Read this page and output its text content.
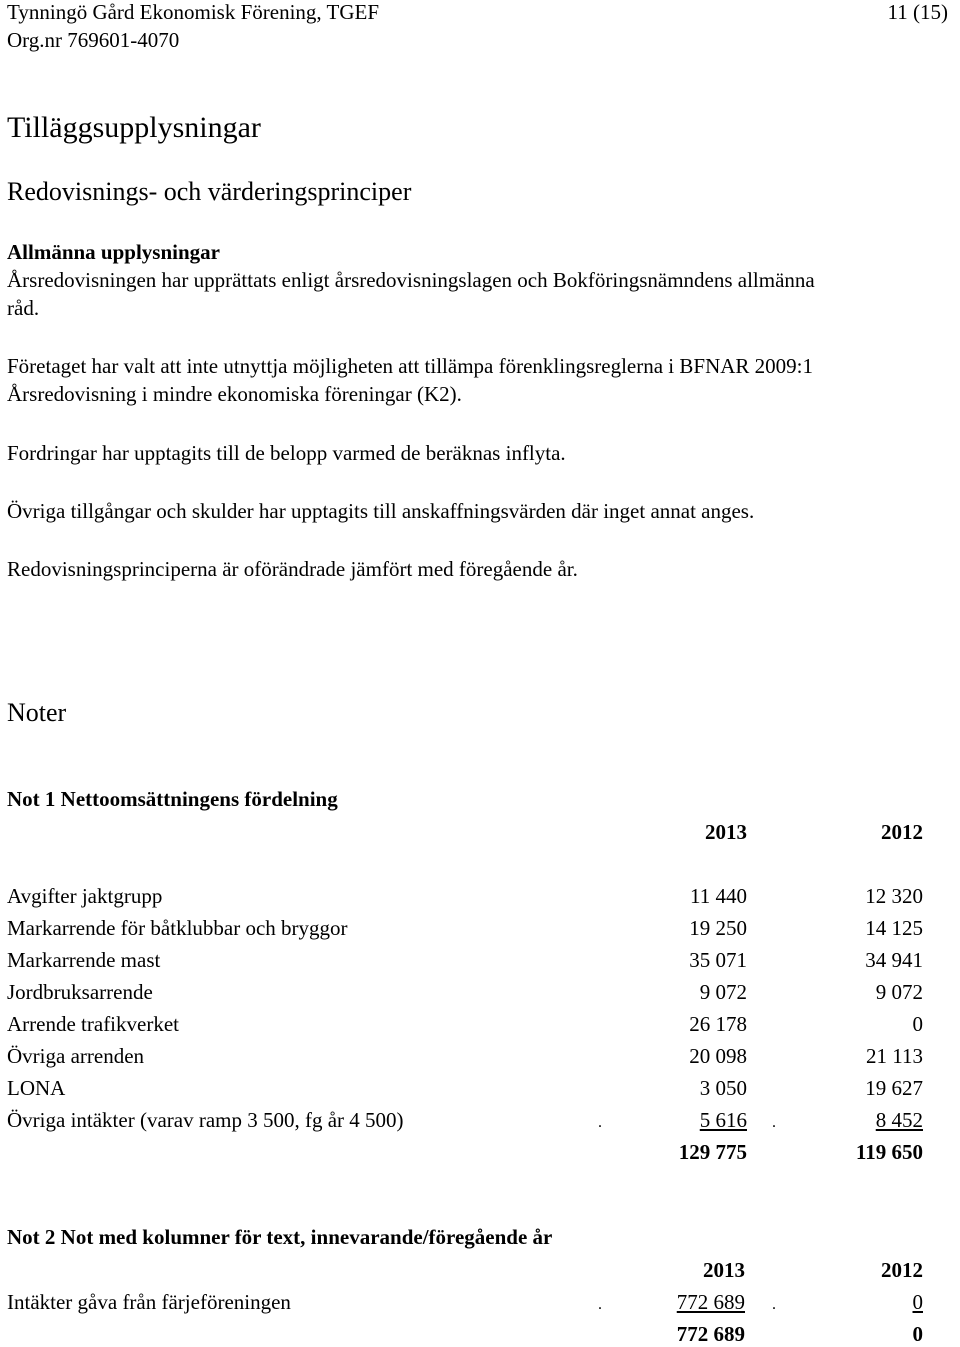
Tynningö Gård Ekonomisk Förening, TGEF	11 (15)
Org.nr 769601-4070
Tilläggsupplysningar
Redovisnings- och värderingsprinciper
Allmänna upplysningar
Årsredovisningen har upprättats enligt årsredovisningslagen och Bokföringsnämndens allmänna
råd.
Företaget har valt att inte utnyttja möjligheten att tillämpa förenklingsreglerna i BFNAR 2009:1
Årsredovisning i mindre ekonomiska föreningar (K2).
Fordringar har upptagits till de belopp varmed de beräknas inflyta.
Övriga tillgångar och skulder har upptagits till anskaffningsvärden där inget annat anges.
Redovisningsprinciperna är oförändrade jämfört med föregående år.
Noter
Not 1 Nettoomsättningens fördelning
2013	2012
Avgifter jaktgrupp	11 440	12 320
Markarrende för båtklubbar och bryggor	19 250	14 125
Markarrende mast	35 071	34 941
Jordbruksarrende	9 072	9 072
Arrende trafikverket	26 178	0
Övriga arrenden	20 098	21 113
LONA	3 050	19 627
Övriga intäkter (varav ramp 3 500, fg år 4 500)	.	5 616 .	8 452
129 775	119 650
Not 2 Not med kolumner för text, innevarande/föregående år
2013	2012
Intäkter gåva från färjeföreningen	.	772 689 .	0
772 689	0
